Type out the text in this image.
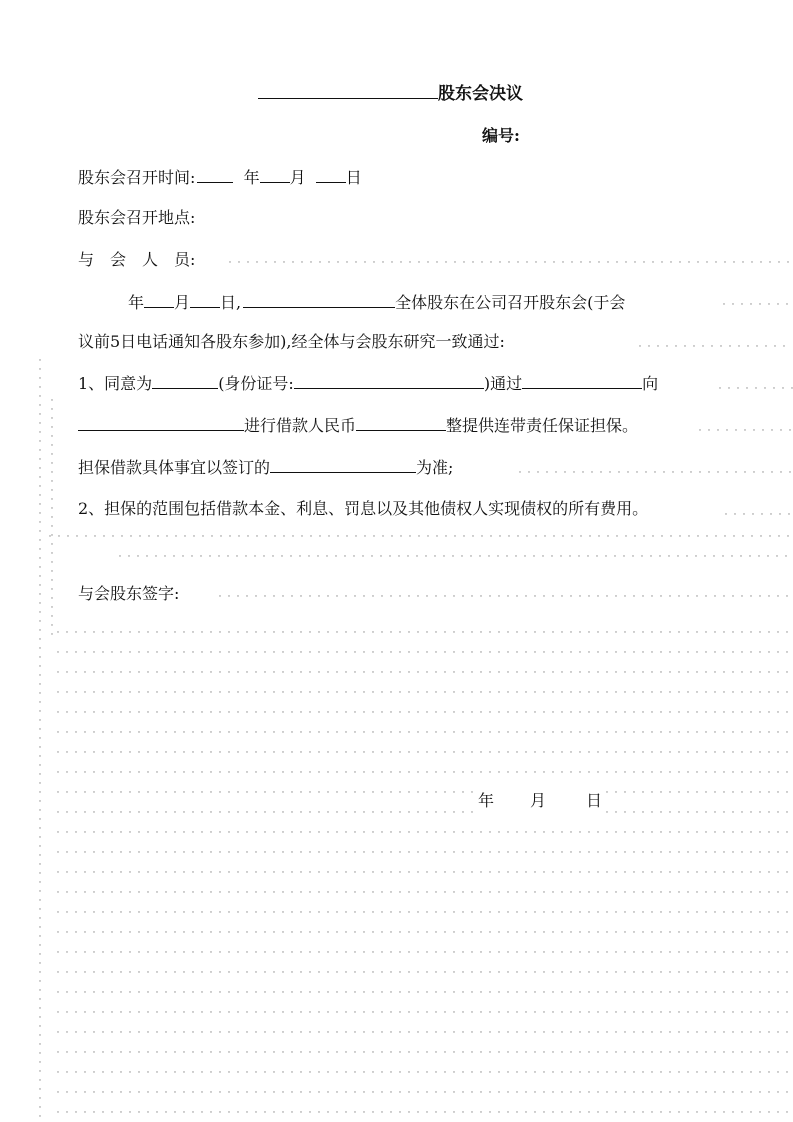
股东会决议
编号:
股东会召开时间:	年 月	日
股东会召开地点:
与　会　人　员:
年 月 日,	全体股东在公司召开股东会(于会
议前5日电话通知各股东参加),经全体与会股东研究一致通过:
1、同意为	(身份证号:	)通过	向
进行借款人民币	整提供连带责任保证担保。
担保借款具体事宜以签订的	为准;
2、担保的范围包括借款本金、利息、罚息以及其他债权人实现债权的所有费用。
与会股东签字:
年 月	日
